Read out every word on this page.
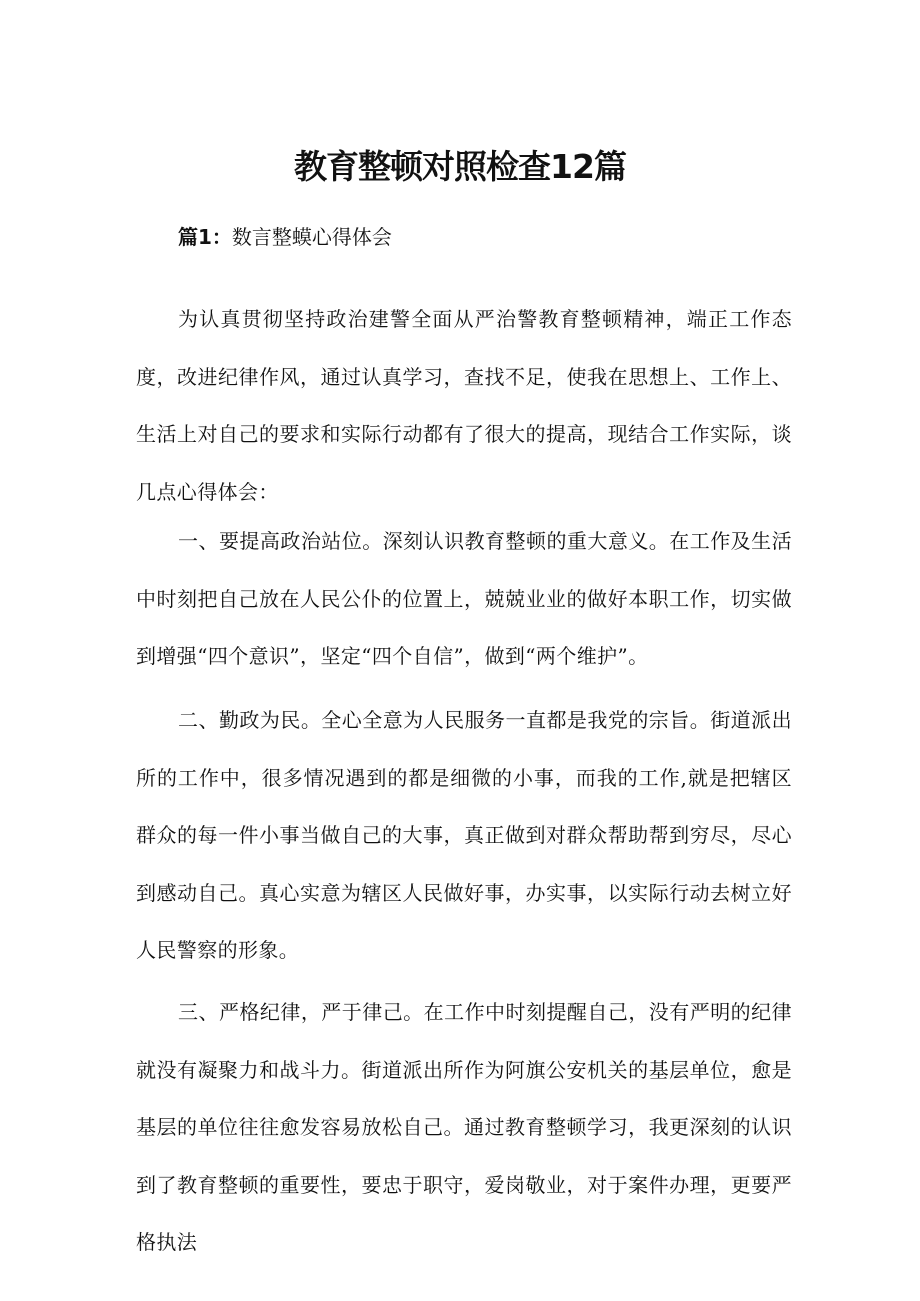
教育整顿对照检查12篇

篇1：数言整蟆心得体会

为认真贯彻坚持政治建警全面从严治警教育整顿精神，端正工作态度，改进纪律作风，通过认真学习，查找不足，使我在思想上、工作上、生活上对自己的要求和实际行动都有了很大的提高，现结合工作实际，谈几点心得体会：

一、要提高政治站位。深刻认识教育整顿的重大意义。在工作及生活中时刻把自己放在人民公仆的位置上，兢兢业业的做好本职工作，切实做到增强“四个意识”，坚定“四个自信”，做到“两个维护”。

二、勤政为民。全心全意为人民服务一直都是我党的宗旨。街道派出所的工作中，很多情况遇到的都是细微的小事，而我的工作,就是把辖区群众的每一件小事当做自己的大事，真正做到对群众帮助帮到穷尽，尽心到感动自己。真心实意为辖区人民做好事，办实事，以实际行动去树立好人民警察的形象。

三、严格纪律，严于律己。在工作中时刻提醒自己，没有严明的纪律就没有凝聚力和战斗力。街道派出所作为阿旗公安机关的基层单位，愈是基层的单位往往愈发容易放松自己。通过教育整顿学习，我更深刻的认识到了教育整顿的重要性，要忠于职守，爱岗敬业，对于案件办理，更要严格执法
